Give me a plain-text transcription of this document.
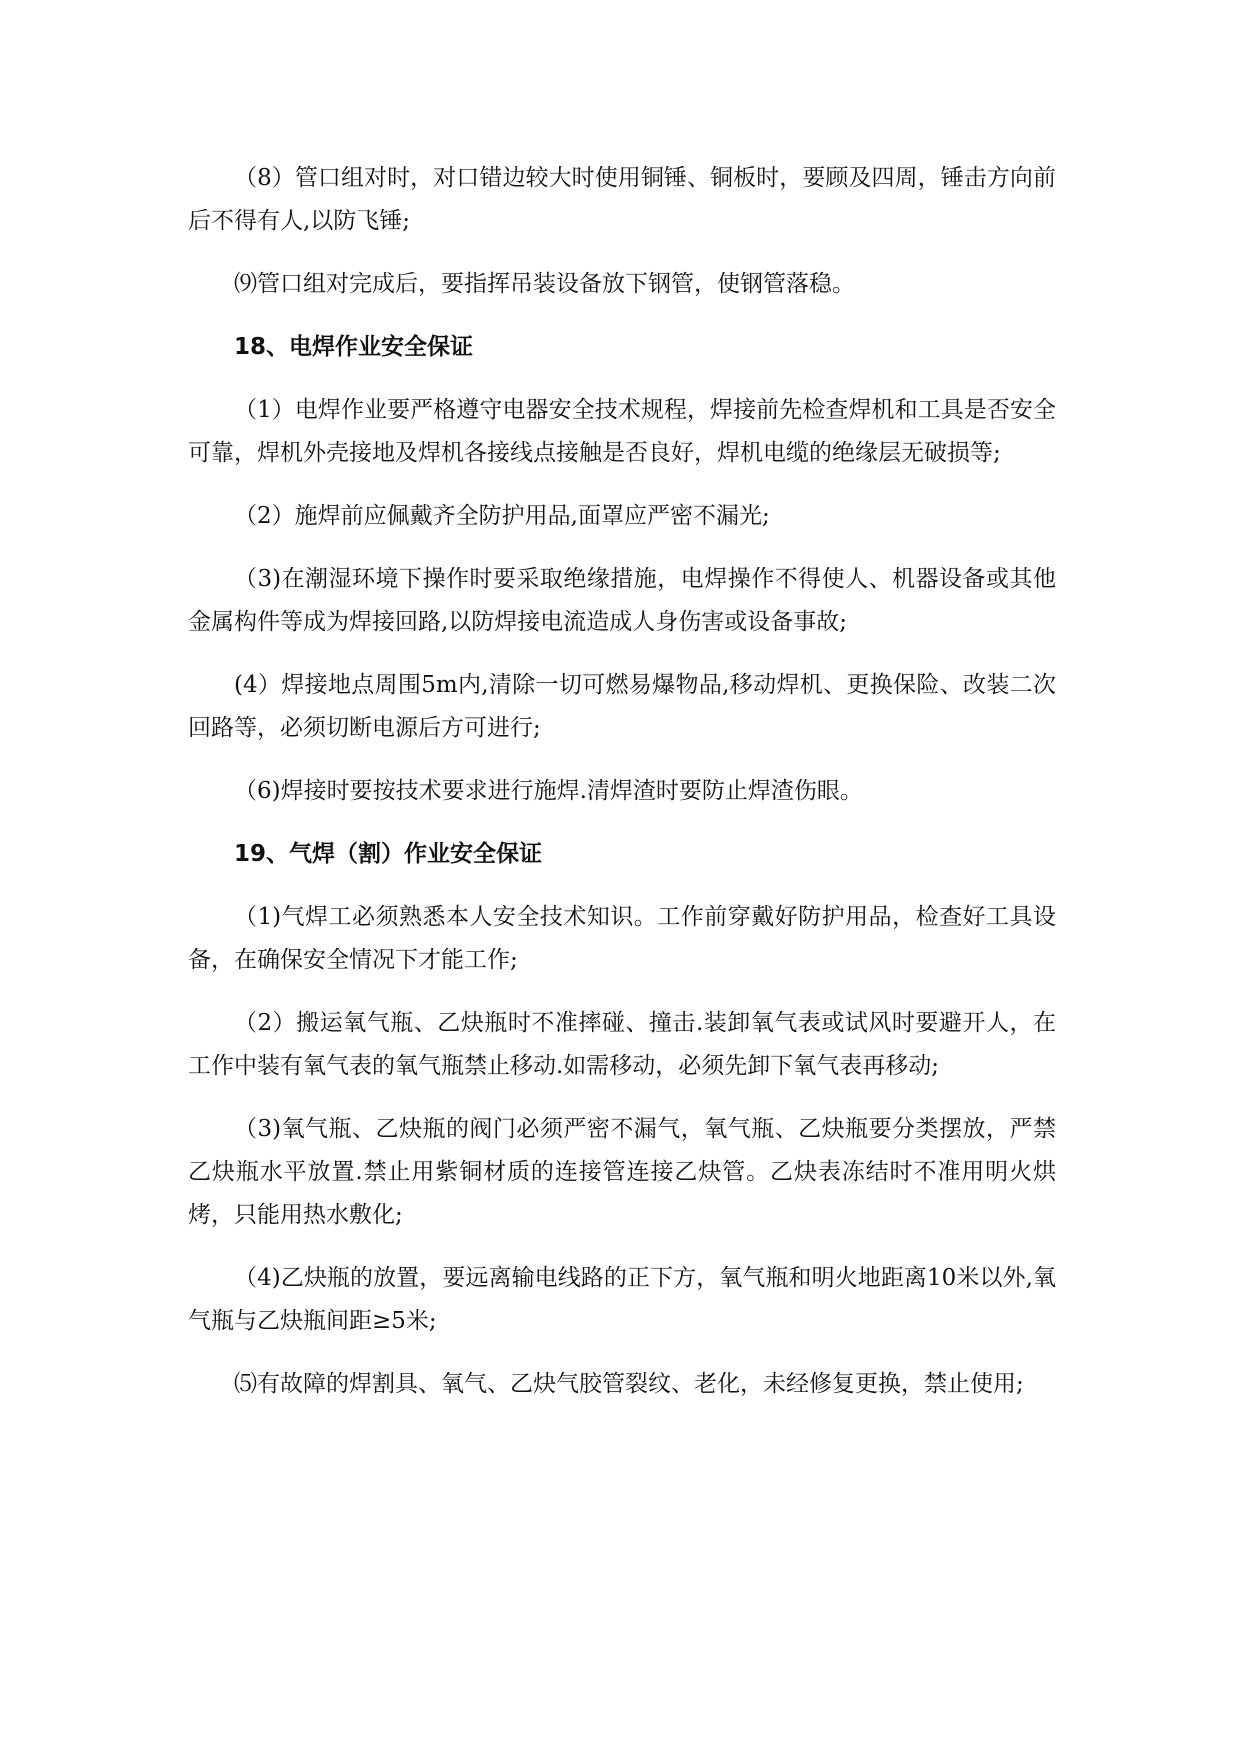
（8）管口组对时，对口错边较大时使用铜锤、铜板时，要顾及四周，锤击方向前后不得有人,以防飞锤;

⑼管口组对完成后，要指挥吊装设备放下钢管，使钢管落稳。

18、电焊作业安全保证

（1）电焊作业要严格遵守电器安全技术规程，焊接前先检查焊机和工具是否安全可靠，焊机外壳接地及焊机各接线点接触是否良好，焊机电缆的绝缘层无破损等;

（2）施焊前应佩戴齐全防护用品,面罩应严密不漏光;

（3)在潮湿环境下操作时要采取绝缘措施，电焊操作不得使人、机器设备或其他金属构件等成为焊接回路,以防焊接电流造成人身伤害或设备事故;

(4）焊接地点周围5m内,清除一切可燃易爆物品,移动焊机、更换保险、改装二次回路等，必须切断电源后方可进行;

（6)焊接时要按技术要求进行施焊.清焊渣时要防止焊渣伤眼。

19、气焊（割）作业安全保证

（1)气焊工必须熟悉本人安全技术知识。工作前穿戴好防护用品，检查好工具设备，在确保安全情况下才能工作;

（2）搬运氧气瓶、乙炔瓶时不准摔碰、撞击.装卸氧气表或试风时要避开人，在工作中装有氧气表的氧气瓶禁止移动.如需移动，必须先卸下氧气表再移动;

（3)氧气瓶、乙炔瓶的阀门必须严密不漏气，氧气瓶、乙炔瓶要分类摆放，严禁乙炔瓶水平放置.禁止用紫铜材质的连接管连接乙炔管。乙炔表冻结时不准用明火烘烤，只能用热水敷化;

（4)乙炔瓶的放置，要远离输电线路的正下方，氧气瓶和明火地距离10米以外,氧气瓶与乙炔瓶间距≥5米;

⑸有故障的焊割具、氧气、乙炔气胶管裂纹、老化，未经修复更换，禁止使用;
